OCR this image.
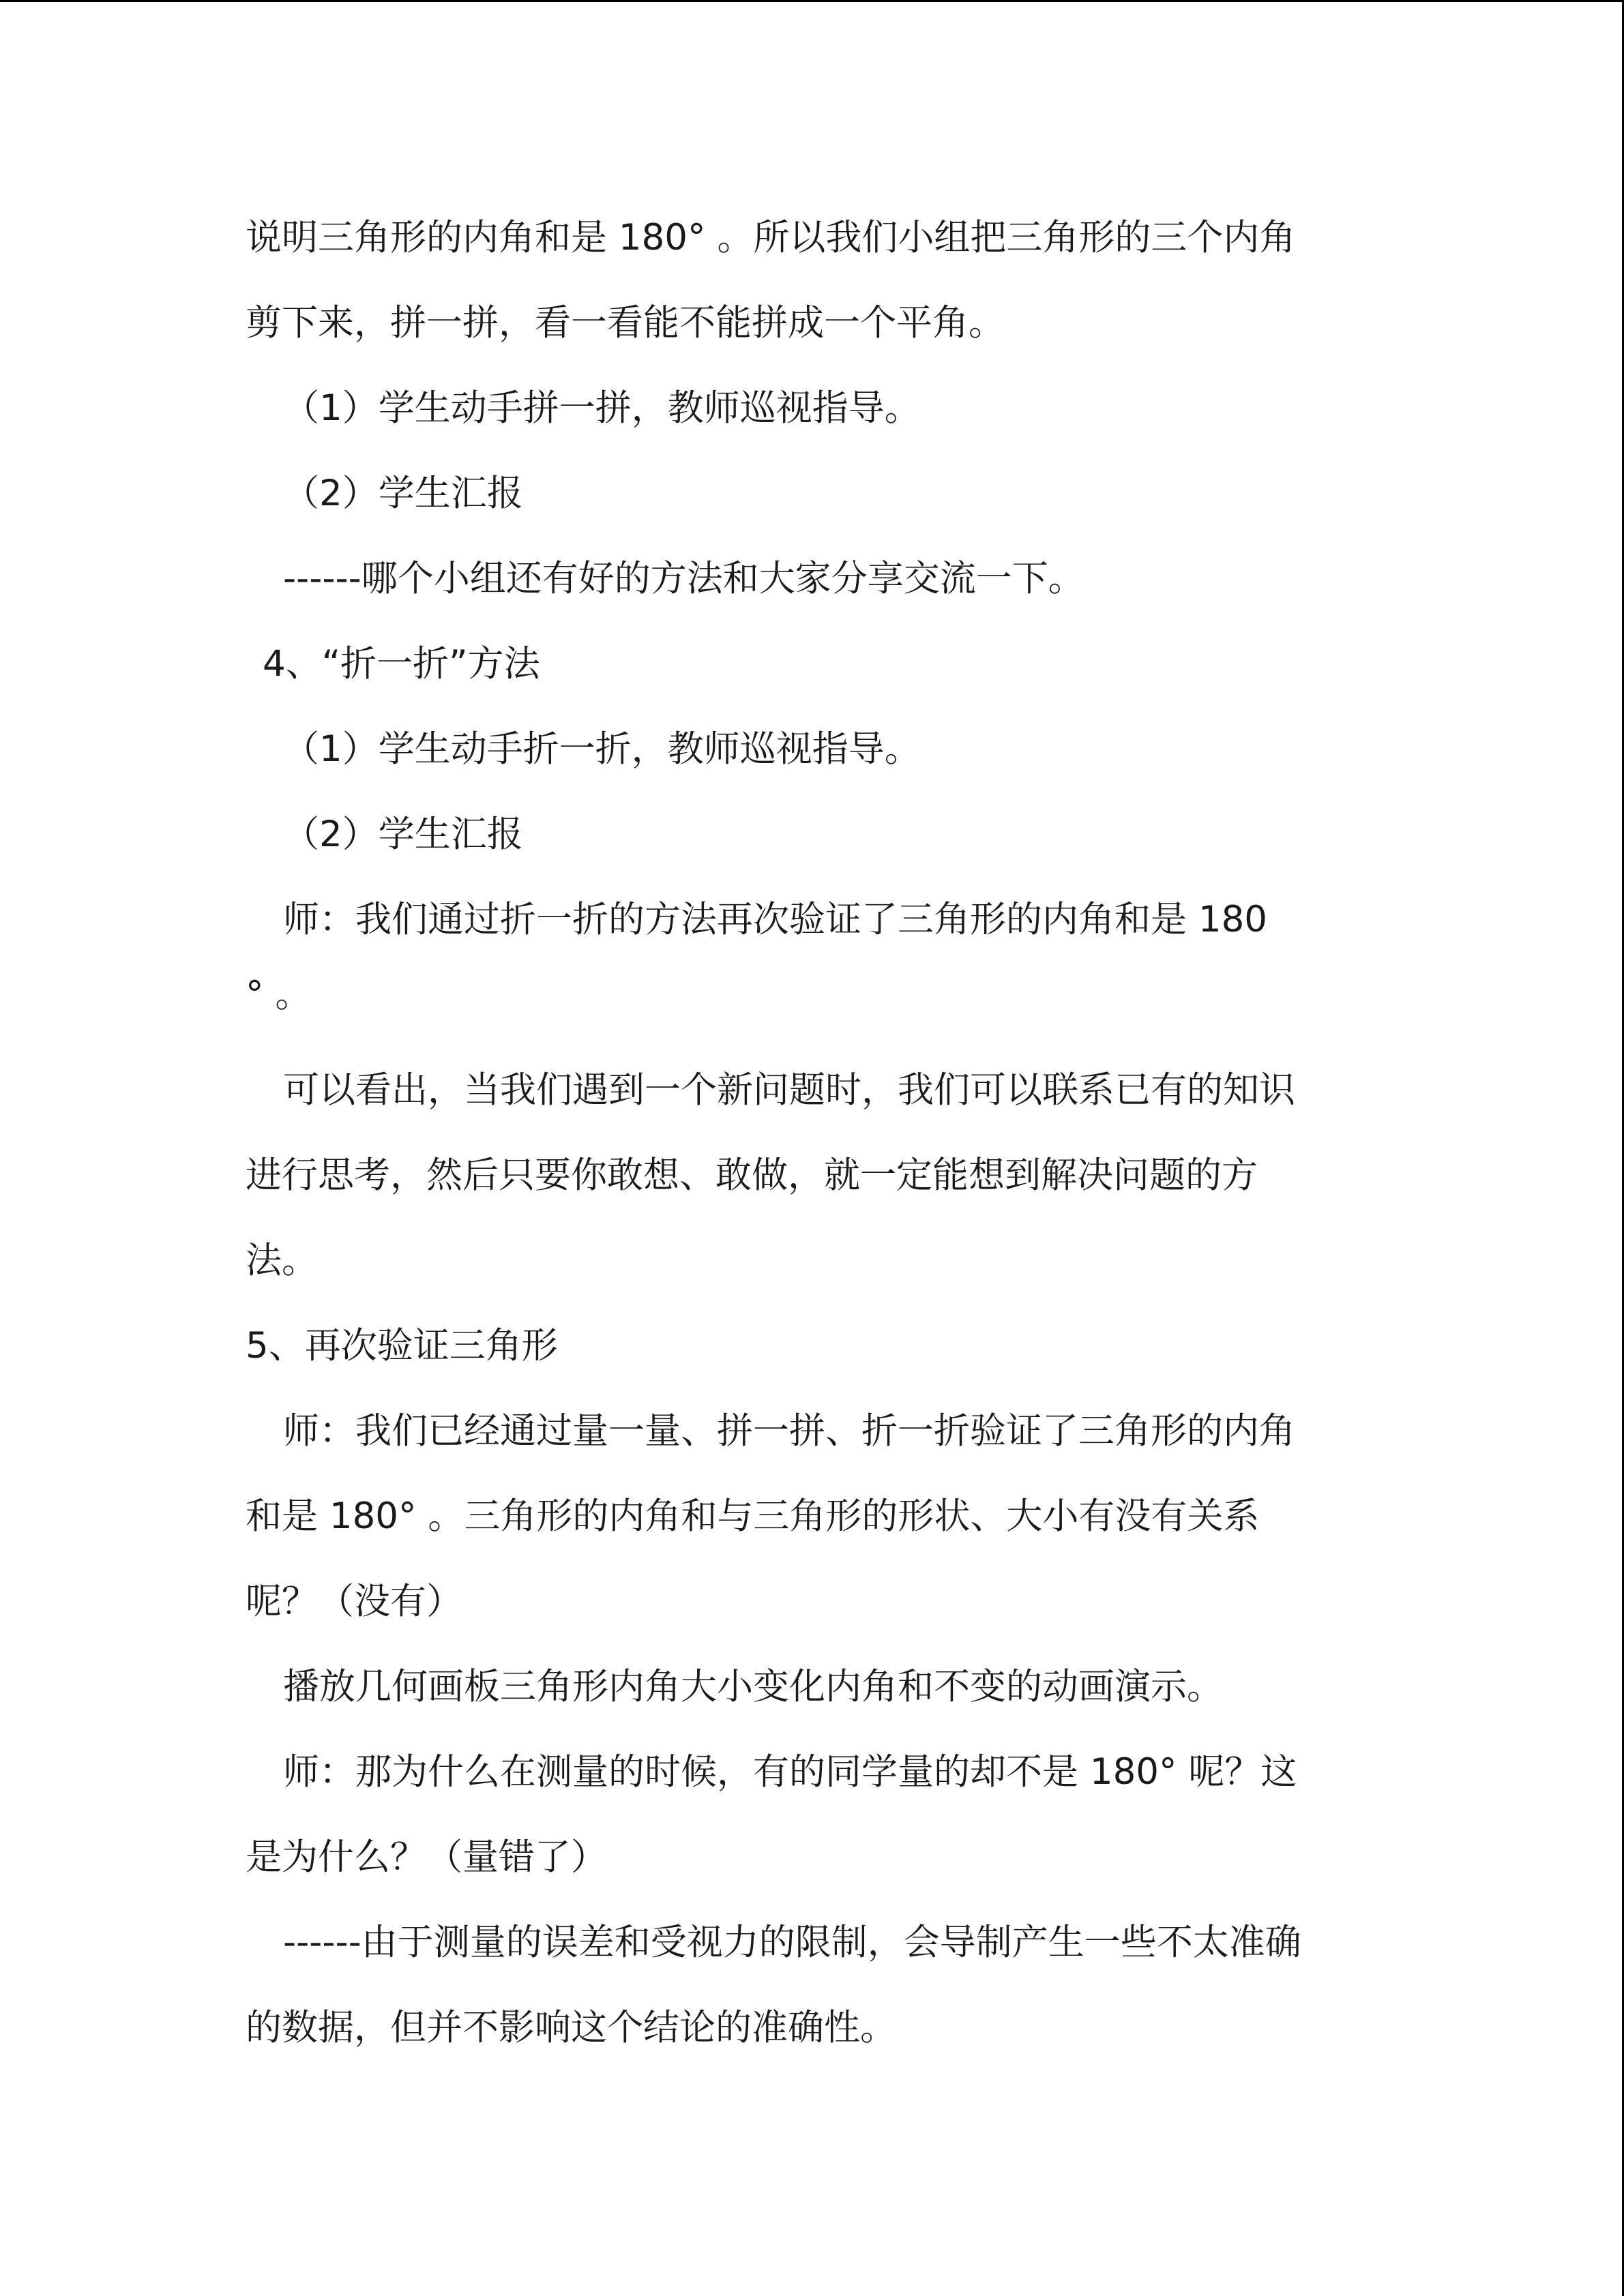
说明三角形的内角和是 180° 。所以我们小组把三角形的三个内角
剪下来，拼一拼，看一看能不能拼成一个平角。
（1）学生动手拼一拼，教师巡视指导。
（2）学生汇报
------哪个小组还有好的方法和大家分享交流一下。
4、“折一折”方法
（1）学生动手折一折，教师巡视指导。
（2）学生汇报
师：我们通过折一折的方法再次验证了三角形的内角和是 180
° 。
可以看出，当我们遇到一个新问题时，我们可以联系已有的知识
进行思考，然后只要你敢想、敢做，就一定能想到解决问题的方
法。
5、再次验证三角形
师：我们已经通过量一量、拼一拼、折一折验证了三角形的内角
和是 180° 。三角形的内角和与三角形的形状、大小有没有关系
呢？（没有）
播放几何画板三角形内角大小变化内角和不变的动画演示。
师：那为什么在测量的时候，有的同学量的却不是 180° 呢？这
是为什么？（量错了）
------由于测量的误差和受视力的限制，会导制产生一些不太准确
的数据，但并不影响这个结论的准确性。
